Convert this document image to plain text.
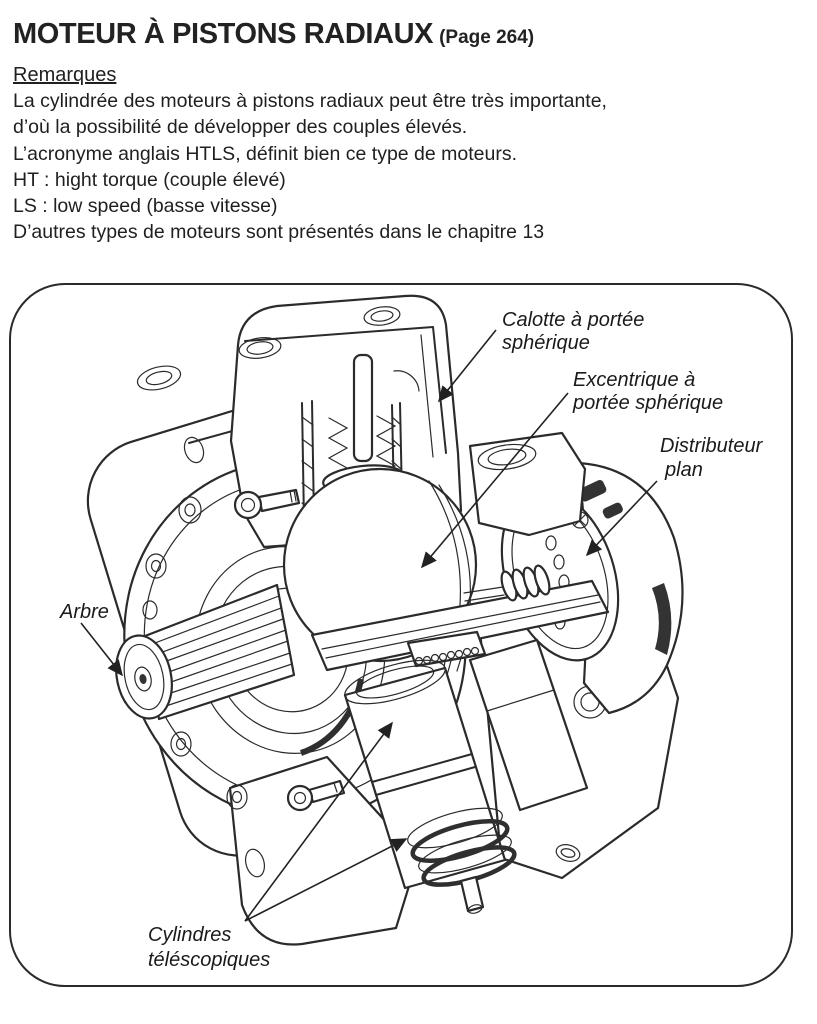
MOTEUR À PISTONS RADIAUX (Page 264)
Remarques
La cylindrée des moteurs à pistons radiaux peut être très importante,
d’où la possibilité de développer des couples élevés.
L’acronyme anglais HTLS, définit bien ce type de moteurs.
HT : hight torque (couple élevé)
LS : low speed (basse vitesse)
D’autres types de moteurs sont présentés dans le chapitre 13
Calotte à portée
sphérique
Excentrique à
portée sphérique
Distributeur
plan
Arbre
Cylindres
téléscopiques
